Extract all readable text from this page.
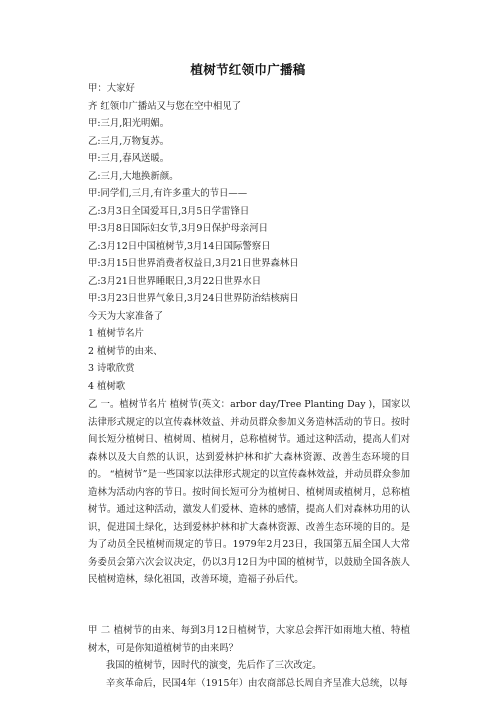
植树节红领巾广播稿
甲：大家好
齐 红领巾广播站又与您在空中相见了
甲:三月,阳光明媚。
乙:三月,万物复苏。
甲:三月,春风送暖。
乙:三月,大地换新颜。
甲:同学们,三月,有许多重大的节日——
乙:3月3日全国爱耳日,3月5日学雷锋日
甲:3月8日国际妇女节,3月9日保护母亲河日
乙:3月12日中国植树节,3月14日国际警察日
甲:3月15日世界消费者权益日,3月21日世界森林日
乙:3月21日世界睡眠日,3月22日世界水日
甲:3月23日世界气象日,3月24日世界防治结核病日
今天为大家准备了
1 植树节名片
2 植树节的由来、
3 诗歌欣赏
4 植树歌

乙 一。植树节名片 植树节(英文：arbor day/Tree Planting Day )，国家以法律形式规定的以宣传森林效益、并动员群众参加义务造林活动的节日。按时间长短分植树日、植树周、植树月，总称植树节。通过这种活动，提高人们对森林以及大自然的认识，达到爱林护林和扩大森林资源、改善生态环境的目的。 “植树节”是一些国家以法律形式规定的以宣传森林效益，并动员群众参加造林为活动内容的节日。按时间长短可分为植树日、植树周或植树月，总称植树节。通过这种活动，激发人们爱林、造林的感情，提高人们对森林功用的认识，促进国土绿化，达到爱林护林和扩大森林资源、改善生态环境的目的。是为了动员全民植树而规定的节日。1979年2月23日，我国第五届全国人大常务委员会第六次会议决定，仍以3月12日为中国的植树节，以鼓励全国各族人民植树造林，绿化祖国，改善环境，造福子孙后代。

甲 二 植树节的由来、每到3月12日植树节，大家总会挥汗如雨地大植、特植树木，可是你知道植树节的由来吗？

我国的植树节，因时代的演变，先后作了三次改定。

辛亥革命后，民国4年（1915年）由农商部总长周自齐呈准大总统，以每
